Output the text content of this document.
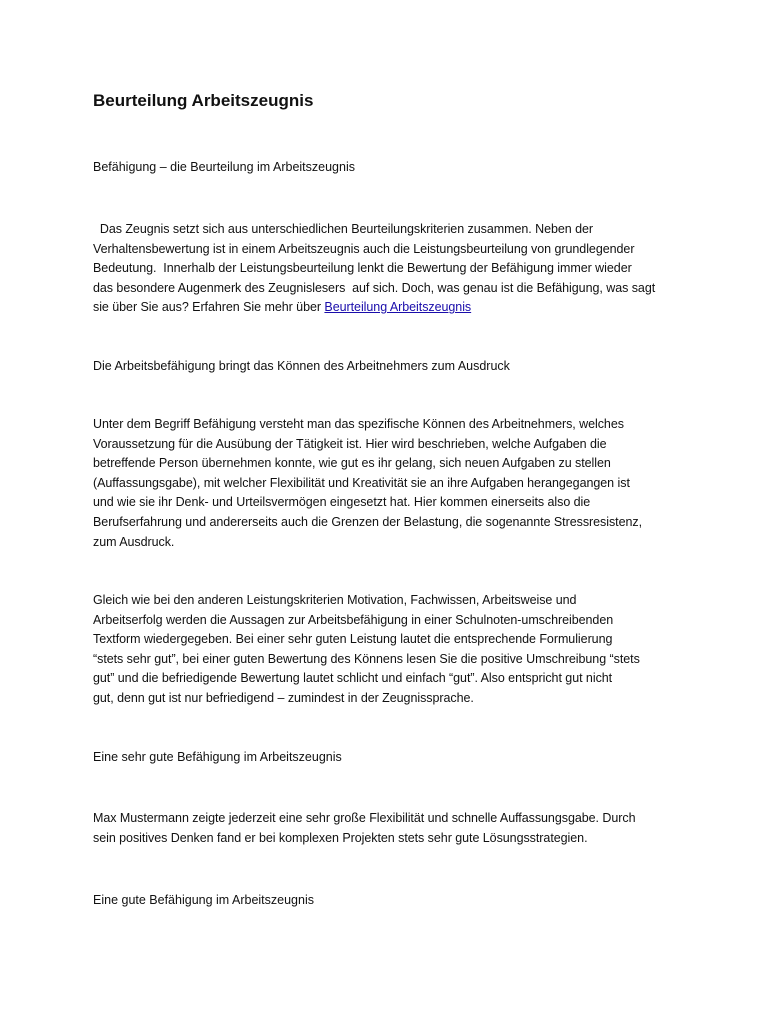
Beurteilung Arbeitszeugnis
Befähigung – die Beurteilung im Arbeitszeugnis

Das Zeugnis setzt sich aus unterschiedlichen Beurteilungskriterien zusammen. Neben der
Verhaltensbewertung ist in einem Arbeitszeugnis auch die Leistungsbeurteilung von grundlegender
Bedeutung.  Innerhalb der Leistungsbeurteilung lenkt die Bewertung der Befähigung immer wieder
das besondere Augenmerk des Zeugnislesers  auf sich. Doch, was genau ist die Befähigung, was sagt
sie über Sie aus? Erfahren Sie mehr über Beurteilung Arbeitszeugnis

Die Arbeitsbefähigung bringt das Können des Arbeitnehmers zum Ausdruck

Unter dem Begriff Befähigung versteht man das spezifische Können des Arbeitnehmers, welches
Voraussetzung für die Ausübung der Tätigkeit ist. Hier wird beschrieben, welche Aufgaben die
betreffende Person übernehmen konnte, wie gut es ihr gelang, sich neuen Aufgaben zu stellen
(Auffassungsgabe), mit welcher Flexibilität und Kreativität sie an ihre Aufgaben herangegangen ist
und wie sie ihr Denk- und Urteilsvermögen eingesetzt hat. Hier kommen einerseits also die
Berufserfahrung und andererseits auch die Grenzen der Belastung, die sogenannte Stressresistenz,
zum Ausdruck.

Gleich wie bei den anderen Leistungskriterien Motivation, Fachwissen, Arbeitsweise und
Arbeitserfolg werden die Aussagen zur Arbeitsbefähigung in einer Schulnoten-umschreibenden
Textform wiedergegeben. Bei einer sehr guten Leistung lautet die entsprechende Formulierung
“stets sehr gut”, bei einer guten Bewertung des Könnens lesen Sie die positive Umschreibung “stets
gut” und die befriedigende Bewertung lautet schlicht und einfach “gut”. Also entspricht gut nicht
gut, denn gut ist nur befriedigend – zumindest in der Zeugnissprache.

Eine sehr gute Befähigung im Arbeitszeugnis

Max Mustermann zeigte jederzeit eine sehr große Flexibilität und schnelle Auffassungsgabe. Durch
sein positives Denken fand er bei komplexen Projekten stets sehr gute Lösungsstrategien.

Eine gute Befähigung im Arbeitszeugnis
